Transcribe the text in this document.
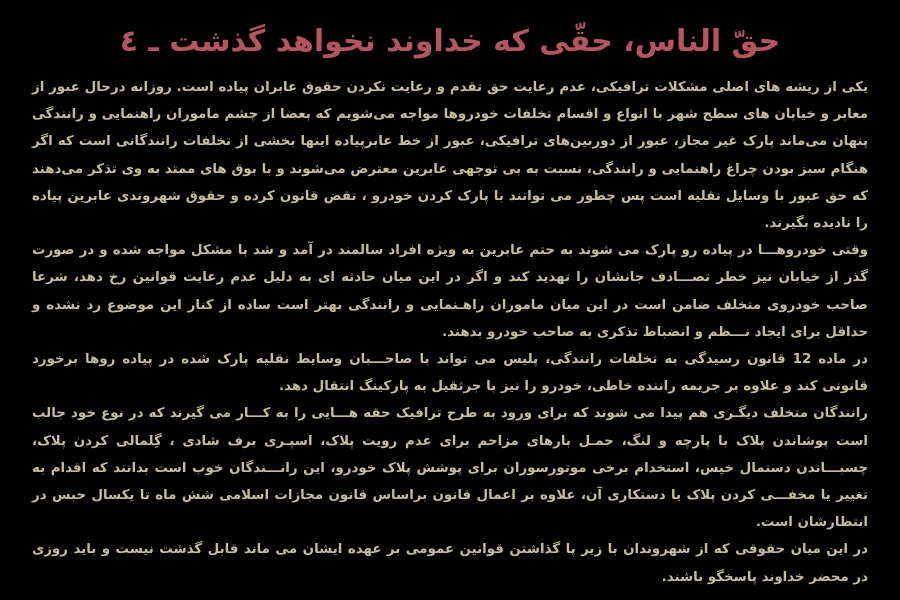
حقّ الناس، حقّی که خداوند نخواهد گذشت ـ ٤

یکی از ریشه های اصلی مشکلات ترافیکی، عدم رعایت حق تقدم و رعایت نکردن حقوق عابران پیاده است. روزانه درحال عبور از معابر و خیابان های سطح شهر با انواع و اقسام تخلفات خودروها مواجه می‌شویم که بعضا از چشم ماموران راهنمایی و رانندگی پنهان می‌ماند پارک غیر مجاز، عبور از دوربین‌های ترافیکی، عبور از خط عابرپیاده اینها بخشی از تخلفات رانندگانی است که اگر هنگام سبز بودن چراغ راهنمایی و رانندگی، نسبت به بی توجهی عابرین معترض می‌شوند و با بوق های ممتد به وی تذکر می‌دهند که حق عبور با وسایل نقلیه است پس چطور می توانند با پارک کردن خودرو ، نقض قانون کرده و حقوق شهروندی عابرین پیاده را نادیده بگیرند.

وقتی خودروهـــا در پیاده رو پارک می شوند به حتم عابرین به ویژه افراد سالمند در آمد و شد با مشکل مواجه شده و در صورت گذر از خیابان نیز خطر تصـــادف جانشان را تهدید کند و اگر در این میان حادثه ای به دلیل عدم رعایت قوانین رخ دهد، شرعا صاحب خودروی متخلف ضامن است در این میان ماموران راهـنمایی و رانندگی بهتر است ساده از کنار این موضوع رد نشده و حداقل برای ایجاد نـــظم و انضباط تذکری به صاحب خودرو بدهند.

در ماده 12 قانون رسیدگی به تخلفات رانندگی، پلیس می تواند با صاحـــبان وسایط نقلیه پارک شده در پیاده روها برخورد قانونی کند و علاوه بر جریمه راننده خاطی، خودرو را نیز با جرثقیل به پارکینگ انتقال دهد.

رانندگان متخلف دیگـری هم پیدا می شوند که برای ورود به طرح ترافیک حقه هـــایی را به کـــار می گیرند که در نوع خود جالب است پوشاندن پلاک با پارچه و لنگ، حمـل بارهای مزاحم برای عدم رویت پلاک، اسپـری برف شادی ، گِلمالی کردن پلاک، چسبـــاندن دستمال خیس، استخدام برخی موتورسوران برای پوشش پلاک خودرو، این رانـــندگان خوب است بدانند که اقدام به تغییر یا مخفـــی کردن پلاک یا دستکاری آن، علاوه بر اعمال قانون براساس قانون مجازات اسلامی شش ماه تا یکسال حبس در انتظارشان است.

در این میان حقوقی که از شهروندان با زیر پا گذاشتن قوانین عمومی بر عهده ایشان می ماند قابل گذشت نیست و باید روزی در محضر خداوند پاسخگو باشند.
